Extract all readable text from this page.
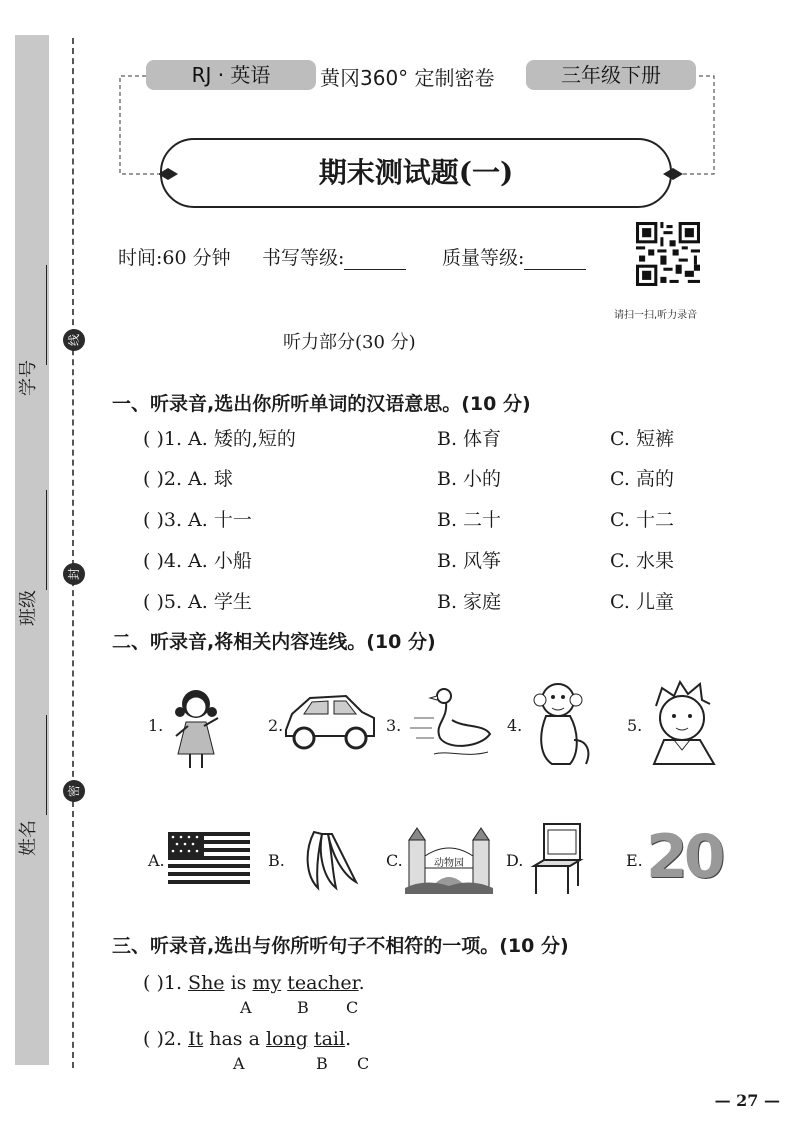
学号
班级
姓名
线
封
密
RJ · 英语	黄冈360° 定制密卷	三年级下册
期末测试题(一)
时间:60 分钟 书写等级:	质量等级:
请扫一扫,听力录音
听力部分(30 分)
一、听录音,选出你所听单词的汉语意思。(10 分)
( )1. A. 矮的,短的	B. 体育	C. 短裤
( )2. A. 球	B. 小的	C. 高的
( )3. A. 十一	B. 二十	C. 十二
( )4. A. 小船	B. 风筝	C. 水果
( )5. A. 学生	B. 家庭	C. 儿童
二、听录音,将相关内容连线。(10 分)
1.	2.	3.	4.	5.
A.	B.	C.	动物园	D.	E. 20
三、听录音,选出与你所听句子不相符的一项。(10 分)
( )1. She is my teacher.
A	B C
( )2. It has a long tail.
A	B C
— 27 —
